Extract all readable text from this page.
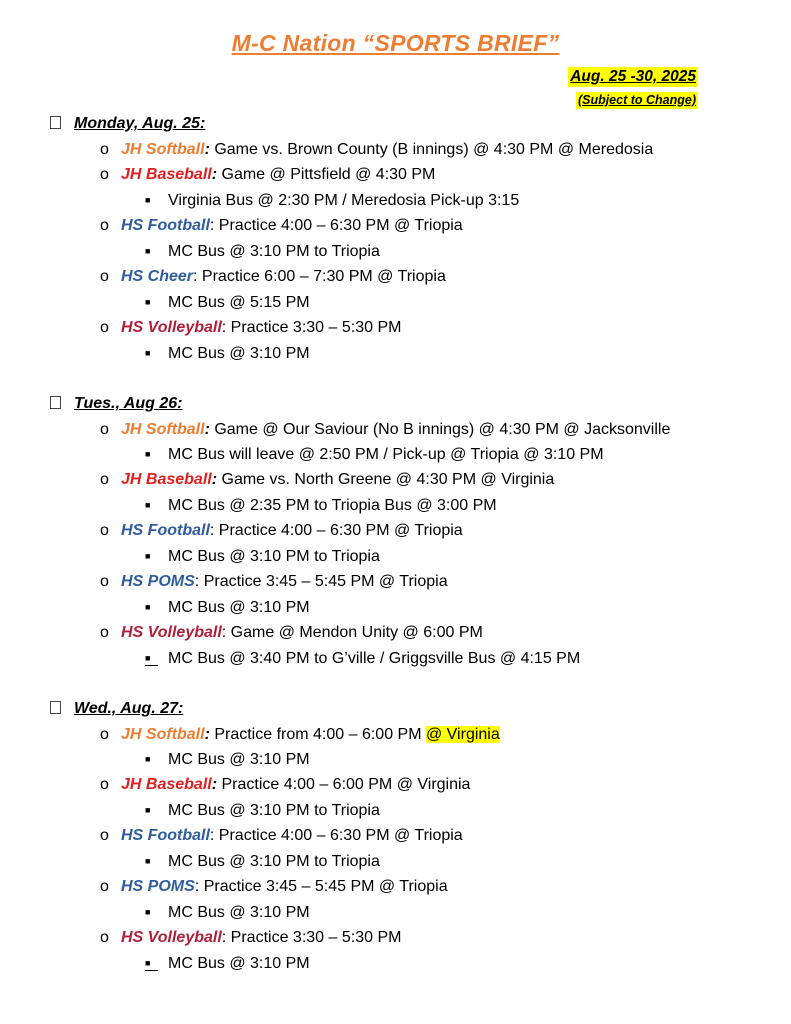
M-C Nation “SPORTS BRIEF”
Aug. 25 -30, 2025
(Subject to Change)
Monday, Aug. 25:
o JH Softball: Game vs. Brown County (B innings) @ 4:30 PM @ Meredosia
o JH Baseball: Game @ Pittsfield @ 4:30 PM
■ Virginia Bus @ 2:30 PM / Meredosia Pick-up 3:15
o HS Football: Practice 4:00 – 6:30 PM @ Triopia
■ MC Bus @ 3:10 PM to Triopia
o HS Cheer: Practice 6:00 – 7:30 PM @ Triopia
■ MC Bus @ 5:15 PM
o HS Volleyball: Practice 3:30 – 5:30 PM
■ MC Bus @ 3:10 PM
Tues., Aug 26:
o JH Softball: Game @ Our Saviour (No B innings) @ 4:30 PM @ Jacksonville
■ MC Bus will leave @ 2:50 PM / Pick-up @ Triopia @ 3:10 PM
o JH Baseball: Game vs. North Greene @ 4:30 PM @ Virginia
■ MC Bus @ 2:35 PM to Triopia Bus @ 3:00 PM
o HS Football: Practice 4:00 – 6:30 PM @ Triopia
■ MC Bus @ 3:10 PM to Triopia
o HS POMS: Practice 3:45 – 5:45 PM @ Triopia
■ MC Bus @ 3:10 PM
o HS Volleyball: Game @ Mendon Unity @ 6:00 PM
■ MC Bus @ 3:40 PM to G’ville / Griggsville Bus @ 4:15 PM
Wed., Aug. 27:
o JH Softball: Practice from 4:00 – 6:00 PM @ Virginia
■ MC Bus @ 3:10 PM
o JH Baseball: Practice 4:00 – 6:00 PM @ Virginia
■ MC Bus @ 3:10 PM to Triopia
o HS Football: Practice 4:00 – 6:30 PM @ Triopia
■ MC Bus @ 3:10 PM to Triopia
o HS POMS: Practice 3:45 – 5:45 PM @ Triopia
■ MC Bus @ 3:10 PM
o HS Volleyball: Practice 3:30 – 5:30 PM
■ MC Bus @ 3:10 PM
